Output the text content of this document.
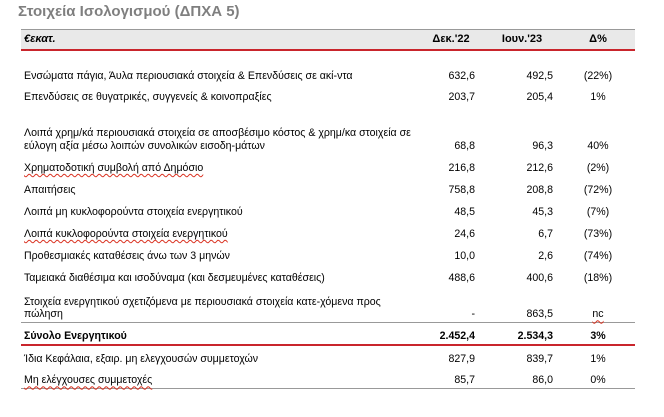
Στοιχεία Ισολογισμού (ΔΠΧΑ 5)
€εκατ.	Δεκ.'22	Ιουν.'23	Δ%
Ενσώματα πάγια, Άυλα περιουσιακά στοιχεία & Επενδύσεις σε ακί-ντα	632,6	492,5	(22%)
Επενδύσεις σε θυγατρικές, συγγενείς & κοινοπραξίες	203,7	205,4	1%
Λοιπά χρημ/κά περιουσιακά στοιχεία σε αποσβέσιμο κόστος & χρημ/κα στοιχεία σε εύλογη αξία μέσω λοιπών συνολικών εισοδη-μάτων	68,8	96,3	40%
Χρηματοδοτική συμβολή από Δημόσιο	216,8	212,6	(2%)
Απαιτήσεις	758,8	208,8	(72%)
Λοιπά μη κυκλοφορούντα στοιχεία ενεργητικού	48,5	45,3	(7%)
Λοιπά κυκλοφορούντα στοιχεία ενεργητικού	24,6	6,7	(73%)
Προθεσμιακές καταθέσεις άνω των 3 μηνών	10,0	2,6	(74%)
Ταμειακά διαθέσιμα και ισοδύναμα (και δεσμευμένες καταθέσεις)	488,6	400,6	(18%)
Στοιχεία ενεργητικού σχετιζόμενα με περιουσιακά στοιχεία κατε-χόμενα προς πώληση	-	863,5	nc
Σύνολο Ενεργητικού	2.452,4	2.534,3	3%
Ίδια Κεφάλαια, εξαιρ. μη ελεγχουσών συμμετοχών	827,9	839,7	1%
Μη ελέγχουσες συμμετοχές	85,7	86,0	0%
